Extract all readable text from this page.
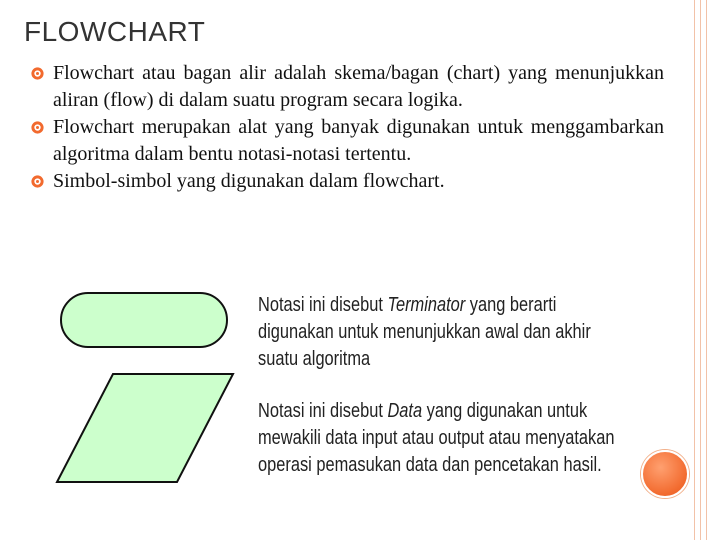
FLOWCHART
Flowchart atau bagan alir adalah skema/bagan (chart) yang menunjukkan aliran (flow) di dalam suatu program secara logika.
Flowchart merupakan alat yang banyak digunakan untuk menggambarkan algoritma dalam bentu notasi-notasi tertentu.
Simbol-simbol yang digunakan dalam flowchart.
Notasi ini disebut Terminator yang berarti digunakan untuk menunjukkan awal dan akhir suatu algoritma
Notasi ini disebut Data yang digunakan untuk mewakili data input atau output atau menyatakan operasi pemasukan data dan pencetakan hasil.
